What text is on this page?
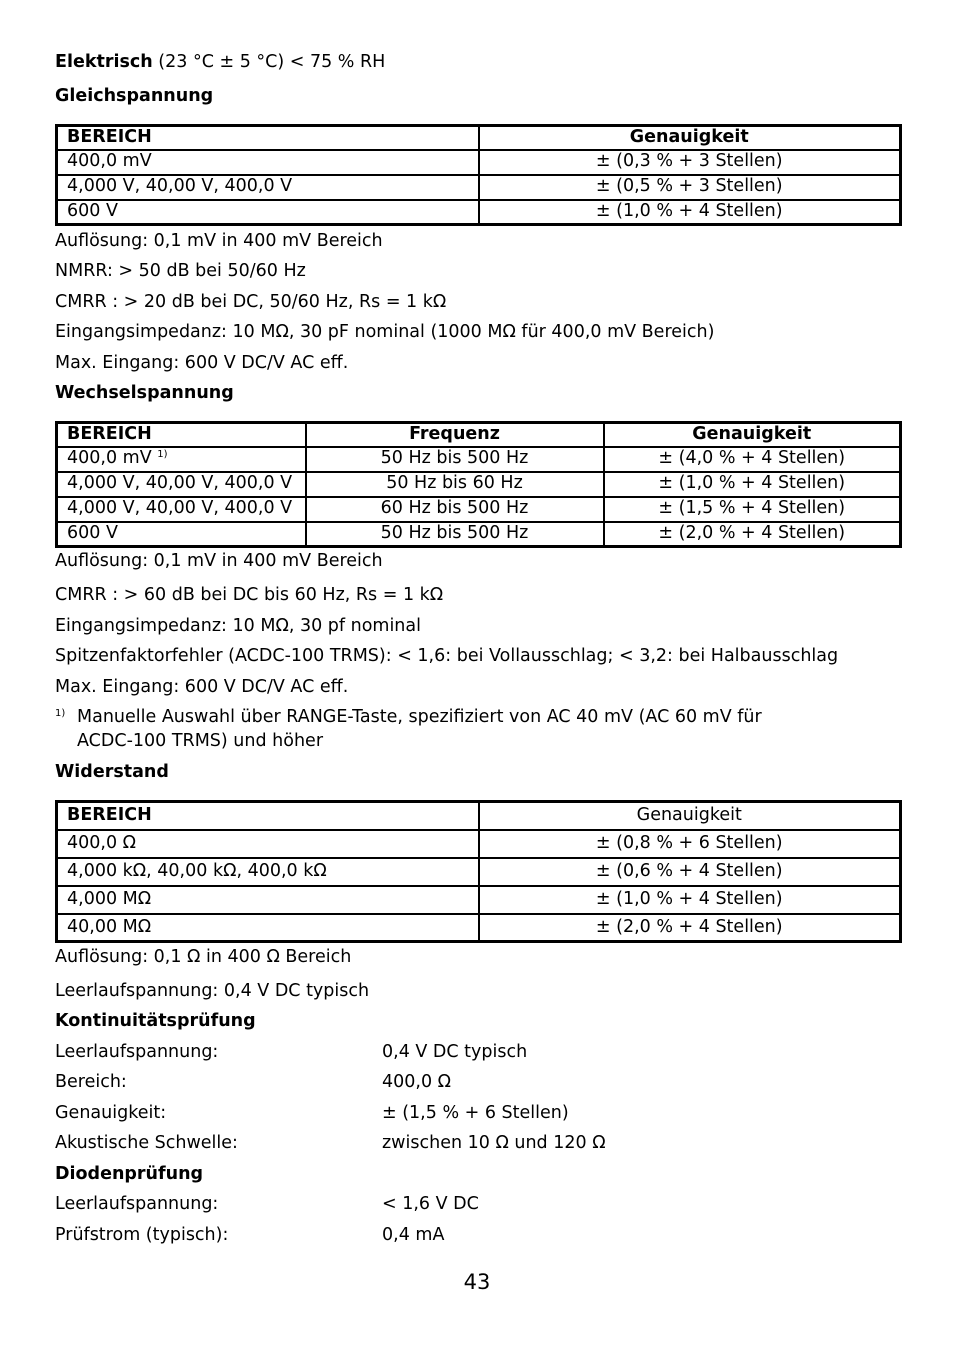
Elektrisch (23 °C ± 5 °C) < 75 % RH
Gleichspannung
BEREICH	Genauigkeit
400,0 mV	± (0,3 % + 3 Stellen)
4,000 V, 40,00 V, 400,0 V	± (0,5 % + 3 Stellen)
600 V	± (1,0 % + 4 Stellen)
Auflösung: 0,1 mV in 400 mV Bereich
NMRR: > 50 dB bei 50/60 Hz
CMRR : > 20 dB bei DC, 50/60 Hz, Rs = 1 kΩ
Eingangsimpedanz: 10 MΩ, 30 pF nominal (1000 MΩ für 400,0 mV Bereich)
Max. Eingang: 600 V DC/V AC eff.
Wechselspannung
BEREICH	Frequenz	Genauigkeit
400,0 mV $^{1)}$	50 Hz bis 500 Hz	± (4,0 % + 4 Stellen)
4,000 V, 40,00 V, 400,0 V	50 Hz bis 60 Hz	± (1,0 % + 4 Stellen)
4,000 V, 40,00 V, 400,0 V	60 Hz bis 500 Hz	± (1,5 % + 4 Stellen)
600 V	50 Hz bis 500 Hz	± (2,0 % + 4 Stellen)
Auflösung: 0,1 mV in 400 mV Bereich
CMRR : > 60 dB bei DC bis 60 Hz, Rs = 1 kΩ
Eingangsimpedanz: 10 MΩ, 30 pf nominal
Spitzenfaktorfehler (ACDC-100 TRMS): < 1,6: bei Vollausschlag; < 3,2: bei Halbausschlag
Max. Eingang: 600 V DC/V AC eff.
1) Manuelle Auswahl über RANGE-Taste, spezifiziert von AC 40 mV (AC 60 mV für
ACDC-100 TRMS) und höher
Widerstand
BEREICH	Genauigkeit
400,0 Ω	± (0,8 % + 6 Stellen)
4,000 kΩ, 40,00 kΩ, 400,0 kΩ	± (0,6 % + 4 Stellen)
4,000 MΩ	± (1,0 % + 4 Stellen)
40,00 MΩ	± (2,0 % + 4 Stellen)
Auflösung: 0,1 Ω in 400 Ω Bereich
Leerlaufspannung: 0,4 V DC typisch
Kontinuitätsprüfung
Leerlaufspannung:	0,4 V DC typisch
Bereich:	400,0 Ω
Genauigkeit:	± (1,5 % + 6 Stellen)
Akustische Schwelle:	zwischen 10 Ω und 120 Ω
Diodenprüfung
Leerlaufspannung:	< 1,6 V DC
Prüfstrom (typisch):	0,4 mA
43
